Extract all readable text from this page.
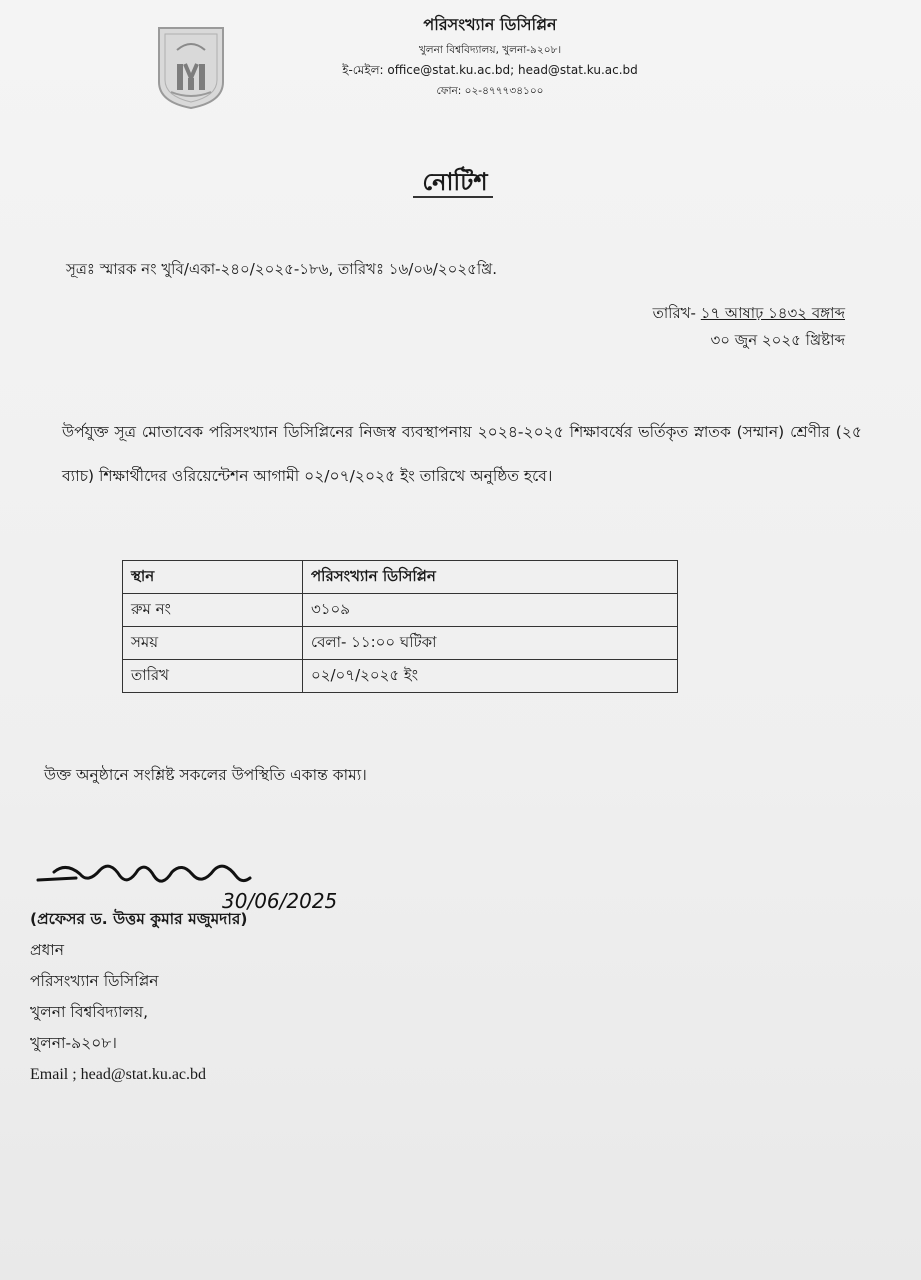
পরিসংখ্যান ডিসিপ্লিন
খুলনা বিশ্ববিদ্যালয়, খুলনা-৯২০৮।
ই-মেইল: office@stat.ku.ac.bd; head@stat.ku.ac.bd
ফোন: ০২-৪৭৭৭৩৪১০০
নোটিশ
সূত্রঃ স্মারক নং খুবি/একা-২৪০/২০২৫-১৮৬, তারিখঃ ১৬/০৬/২০২৫খ্রি.
তারিখ- ১৭ আষাঢ় ১৪৩২ বঙ্গাব্দ
৩০ জুন ২০২৫ খ্রিষ্টাব্দ
উর্পযুক্ত সূত্র মোতাবেক পরিসংখ্যান ডিসিপ্লিনের নিজস্ব ব্যবস্থাপনায় ২০২৪-২০২৫ শিক্ষাবর্ষের ভর্তিকৃত স্নাতক (সম্মান) শ্রেণীর (২৫ ব্যাচ) শিক্ষার্থীদের ওরিয়েন্টেশন আগামী ০২/০৭/২০২৫ ইং তারিখে অনুষ্ঠিত হবে।
স্থান	পরিসংখ্যান ডিসিপ্লিন
রুম নং	৩১০৯
সময়	বেলা- ১১:০০ ঘটিকা
তারিখ	০২/০৭/২০২৫ ইং
উক্ত অনুষ্ঠানে সংশ্লিষ্ট সকলের উপস্থিতি একান্ত কাম্য।
30/06/2025
(প্রফেসর ড. উত্তম কুমার মজুমদার)
প্রধান
পরিসংখ্যান ডিসিপ্লিন
খুলনা বিশ্ববিদ্যালয়,
খুলনা-৯২০৮।
Email ; head@stat.ku.ac.bd
